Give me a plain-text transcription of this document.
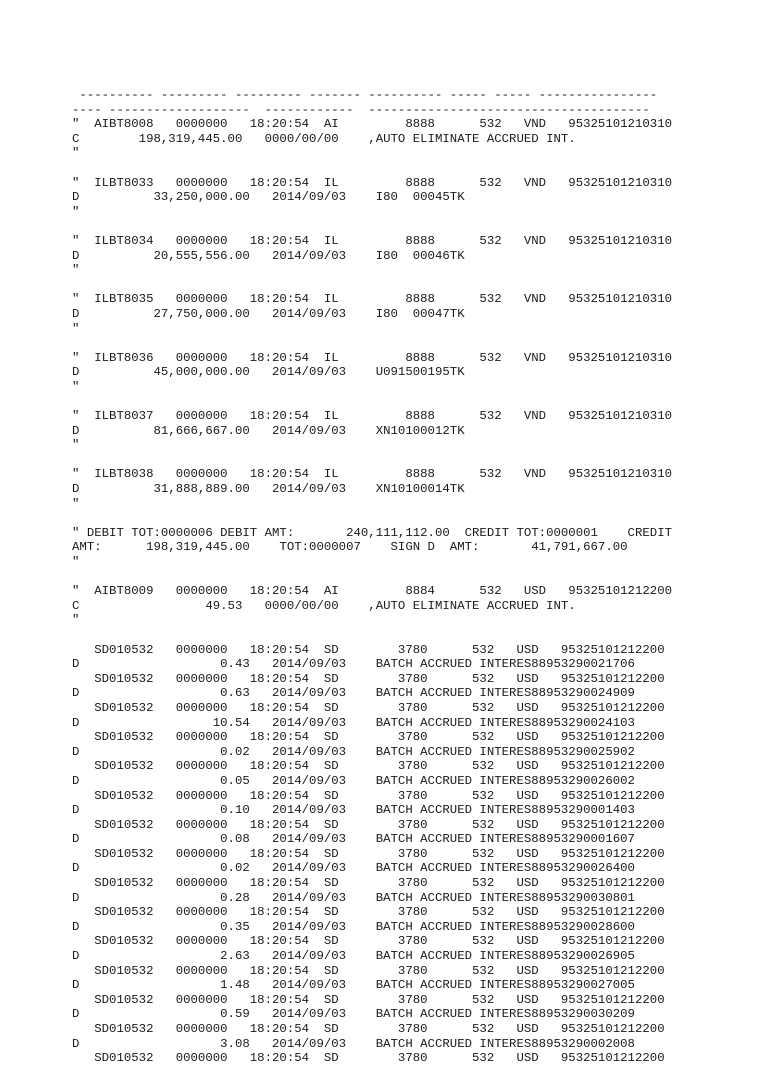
---------- --------- --------- ------- ---------- ----- ----- ----------------
---- -------------------  ------------  --------------------------------------
"  AIBT8008   0000000   18:20:54  AI         8888      532   VND   95325101210310
C        198,319,445.00   0000/00/00    ,AUTO ELIMINATE ACCRUED INT.
"
"  ILBT8033   0000000   18:20:54  IL         8888      532   VND   95325101210310
D          33,250,000.00   2014/09/03    I80  00045TK
"
"  ILBT8034   0000000   18:20:54  IL         8888      532   VND   95325101210310
D          20,555,556.00   2014/09/03    I80  00046TK
"
"  ILBT8035   0000000   18:20:54  IL         8888      532   VND   95325101210310
D          27,750,000.00   2014/09/03    I80  00047TK
"
"  ILBT8036   0000000   18:20:54  IL         8888      532   VND   95325101210310
D          45,000,000.00   2014/09/03    U091500195TK
"
"  ILBT8037   0000000   18:20:54  IL         8888      532   VND   95325101210310
D          81,666,667.00   2014/09/03    XN10100012TK
"
"  ILBT8038   0000000   18:20:54  IL         8888      532   VND   95325101210310
D          31,888,889.00   2014/09/03    XN10100014TK
"
" DEBIT TOT:0000006 DEBIT AMT:       240,111,112.00  CREDIT TOT:0000001    CREDIT
AMT:      198,319,445.00    TOT:0000007    SIGN D  AMT:       41,791,667.00
"
"  AIBT8009   0000000   18:20:54  AI         8884      532   USD   95325101212200
C                 49.53   0000/00/00    ,AUTO ELIMINATE ACCRUED INT.
"
SD010532   0000000   18:20:54  SD        3780      532   USD   95325101212200
D                   0.43   2014/09/03    BATCH ACCRUED INTERES88953290021706
SD010532   0000000   18:20:54  SD        3780      532   USD   95325101212200
D                   0.63   2014/09/03    BATCH ACCRUED INTERES88953290024909
SD010532   0000000   18:20:54  SD        3780      532   USD   95325101212200
D                  10.54   2014/09/03    BATCH ACCRUED INTERES88953290024103
SD010532   0000000   18:20:54  SD        3780      532   USD   95325101212200
D                   0.02   2014/09/03    BATCH ACCRUED INTERES88953290025902
SD010532   0000000   18:20:54  SD        3780      532   USD   95325101212200
D                   0.05   2014/09/03    BATCH ACCRUED INTERES88953290026002
SD010532   0000000   18:20:54  SD        3780      532   USD   95325101212200
D                   0.10   2014/09/03    BATCH ACCRUED INTERES88953290001403
SD010532   0000000   18:20:54  SD        3780      532   USD   95325101212200
D                   0.08   2014/09/03    BATCH ACCRUED INTERES88953290001607
SD010532   0000000   18:20:54  SD        3780      532   USD   95325101212200
D                   0.02   2014/09/03    BATCH ACCRUED INTERES88953290026400
SD010532   0000000   18:20:54  SD        3780      532   USD   95325101212200
D                   0.28   2014/09/03    BATCH ACCRUED INTERES88953290030801
SD010532   0000000   18:20:54  SD        3780      532   USD   95325101212200
D                   0.35   2014/09/03    BATCH ACCRUED INTERES88953290028600
SD010532   0000000   18:20:54  SD        3780      532   USD   95325101212200
D                   2.63   2014/09/03    BATCH ACCRUED INTERES88953290026905
SD010532   0000000   18:20:54  SD        3780      532   USD   95325101212200
D                   1.48   2014/09/03    BATCH ACCRUED INTERES88953290027005
SD010532   0000000   18:20:54  SD        3780      532   USD   95325101212200
D                   0.59   2014/09/03    BATCH ACCRUED INTERES88953290030209
SD010532   0000000   18:20:54  SD        3780      532   USD   95325101212200
D                   3.08   2014/09/03    BATCH ACCRUED INTERES88953290002008
SD010532   0000000   18:20:54  SD        3780      532   USD   95325101212200
